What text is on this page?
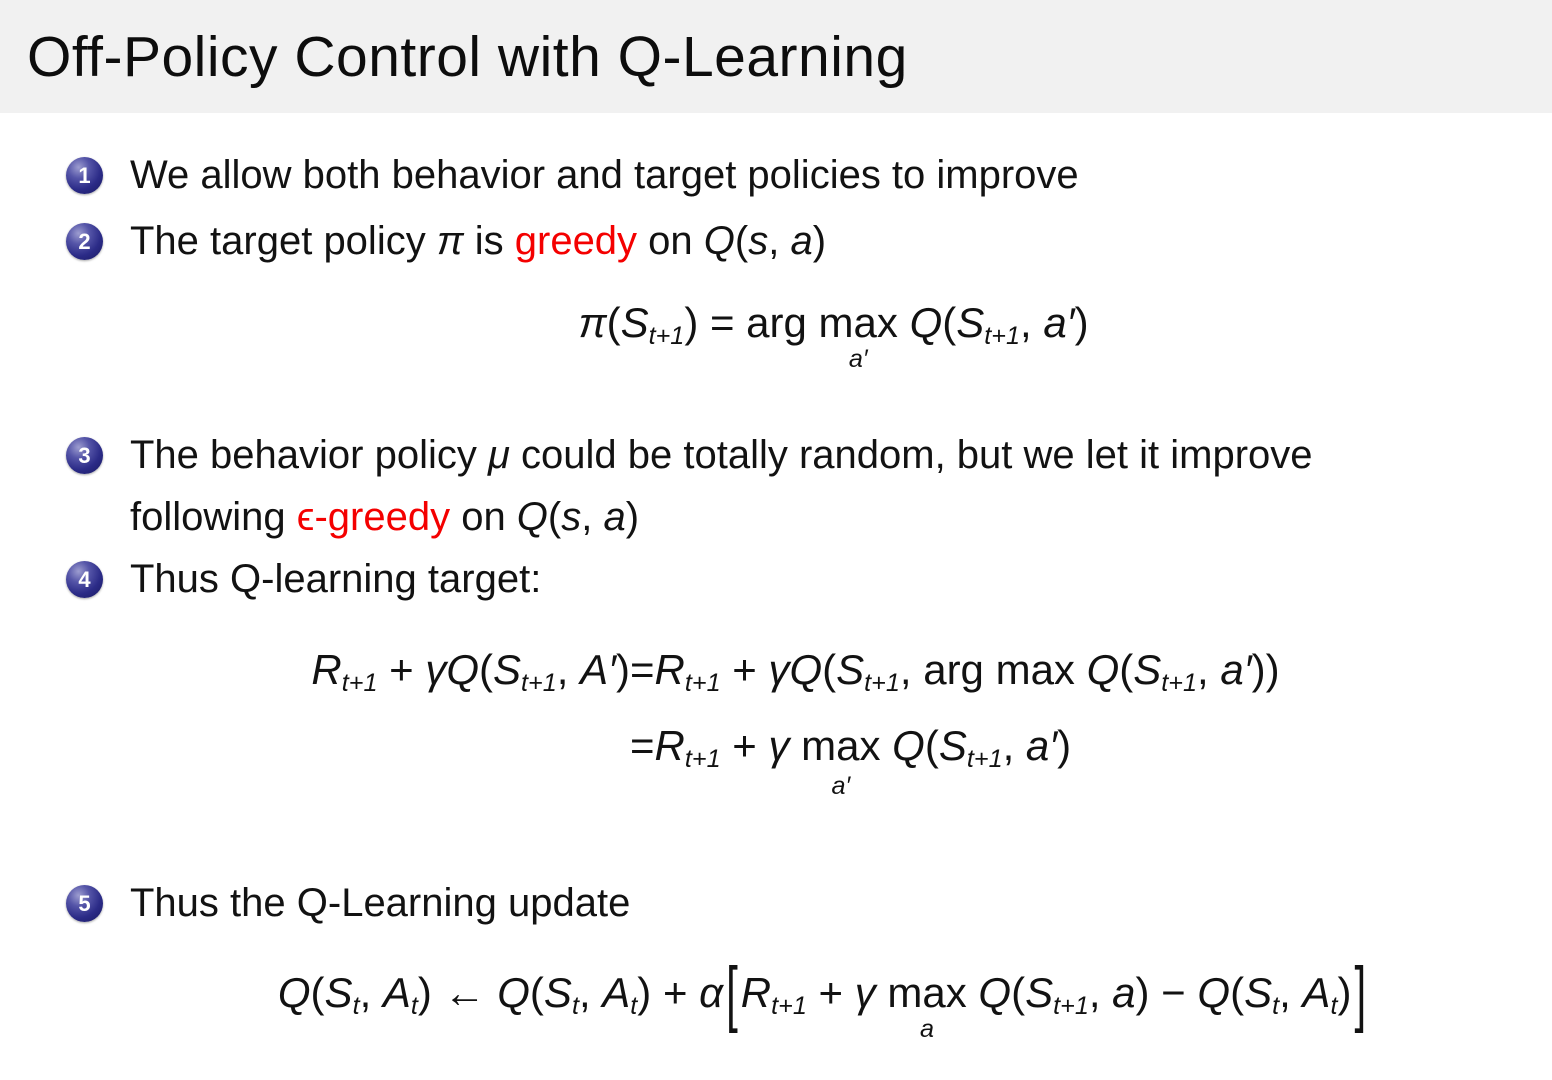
Off-Policy Control with Q-Learning
1 We allow both behavior and target policies to improve
2 The target policy π is greedy on Q(s, a)
π(St+1) = arg max
a′
Q(St+1, a′)
3 The behavior policy μ could be totally random, but we let it improve
following ϵ-greedy on Q(s, a)
4 Thus Q-learning target:
Rt+1 + γQ(St+1, A′) =Rt+1 + γQ(St+1, arg max Q(St+1, a′))
=Rt+1 + γ max
a′
Q(St+1, a′)
5 Thus the Q-Learning update
Q(St, At) ← Q(St, At) + α[Rt+1 + γ max
a
Q(St+1, a) − Q(St, At)]
